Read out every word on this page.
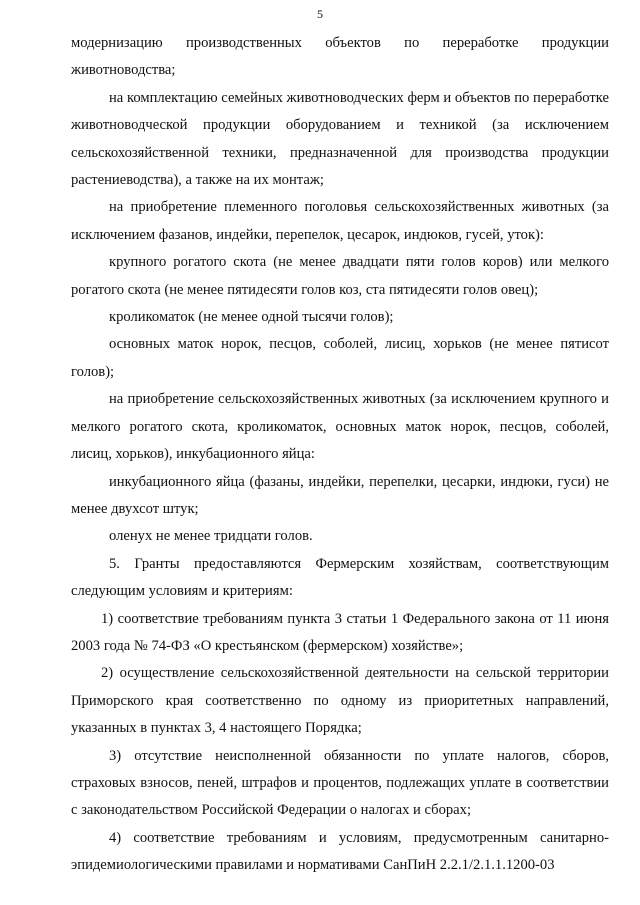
5

модернизацию производственных объектов по переработке продукции животноводства;

на комплектацию семейных животноводческих ферм и объектов по переработке животноводческой продукции оборудованием и техникой (за исключением сельскохозяйственной техники, предназначенной для производства продукции растениеводства), а также на их монтаж;

на приобретение племенного поголовья сельскохозяйственных животных (за исключением фазанов, индейки, перепелок, цесарок, индюков, гусей, уток):

крупного рогатого скота (не менее двадцати пяти голов коров) или мелкого рогатого скота (не менее пятидесяти голов коз, ста пятидесяти голов овец);

кроликоматок (не менее одной тысячи голов);

основных маток норок, песцов, соболей, лисиц, хорьков (не менее пятисот голов);

на приобретение сельскохозяйственных животных (за исключением крупного и мелкого рогатого скота, кроликоматок, основных маток норок, песцов, соболей, лисиц, хорьков), инкубационного яйца:

инкубационного яйца (фазаны, индейки, перепелки, цесарки, индюки, гуси) не менее двухсот штук;

оленух не менее тридцати голов.

5. Гранты предоставляются Фермерским хозяйствам, соответствующим следующим условиям и критериям:

1) соответствие требованиям пункта 3 статьи 1 Федерального закона от 11 июня 2003 года № 74-ФЗ «О крестьянском (фермерском) хозяйстве»;

2) осуществление сельскохозяйственной деятельности на сельской территории Приморского края соответственно по одному из приоритетных направлений, указанных в пунктах 3, 4 настоящего Порядка;

3) отсутствие неисполненной обязанности по уплате налогов, сборов, страховых взносов, пеней, штрафов и процентов, подлежащих уплате в соответствии с законодательством Российской Федерации о налогах и сборах;

4) соответствие требованиям и условиям, предусмотренным санитарно-эпидемиологическими правилами и нормативами СанПиН 2.2.1/2.1.1.1200-03
